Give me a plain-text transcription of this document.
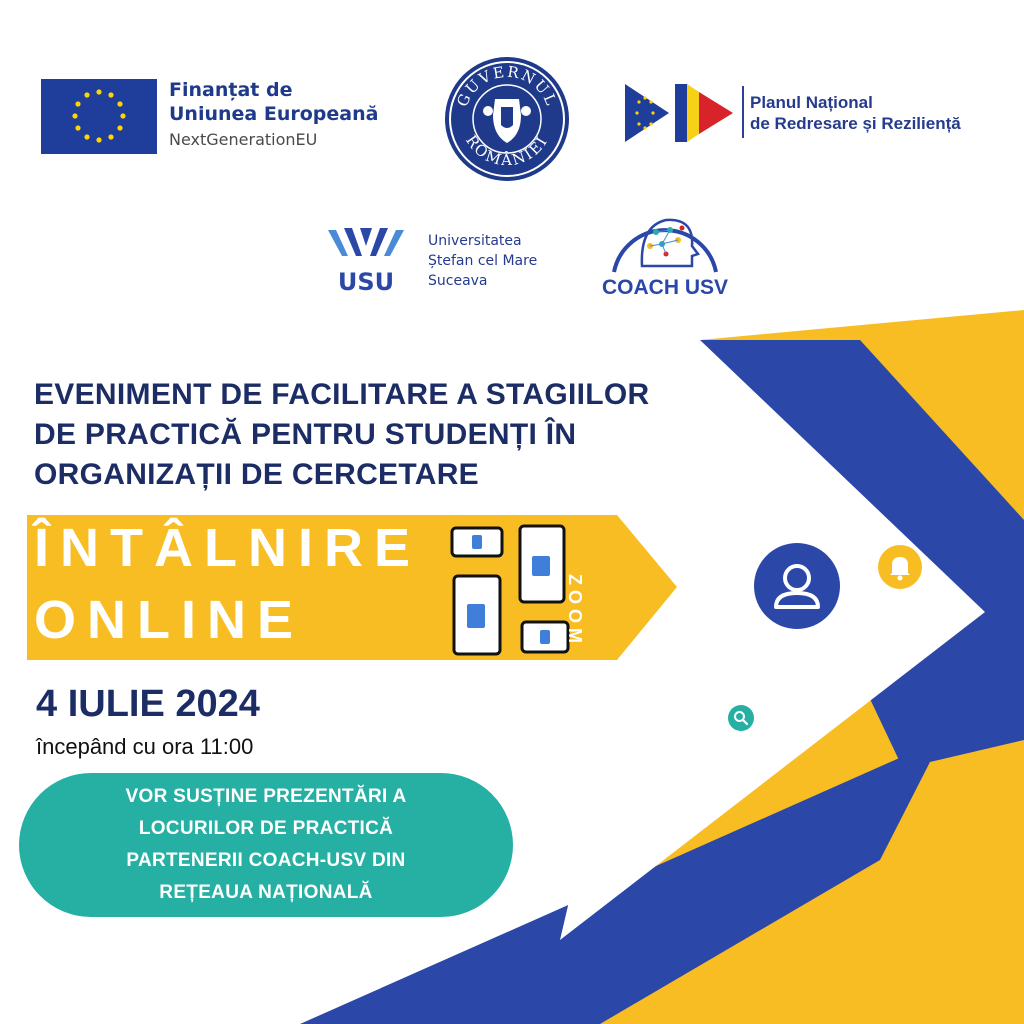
Finanțat de
Uniunea Europeană
NextGenerationEU
GUVERNUL
ROMÂNIEI
Planul Național
de Redresare și Reziliență
USU
Universitatea
Ștefan cel Mare
Suceava	COACH USV
EVENIMENT DE FACILITARE A STAGIILOR
DE PRACTICĂ PENTRU STUDENȚI ÎN
ORGANIZAȚII DE CERCETARE
ÎNTÂLNIRE
ONLINE	ZOOM
4 IULIE 2024
începând cu ora 11:00
VOR SUSȚINE PREZENTĂRI A
LOCURILOR DE PRACTICĂ
PARTENERII COACH-USV DIN
REȚEAUA NAȚIONALĂ
